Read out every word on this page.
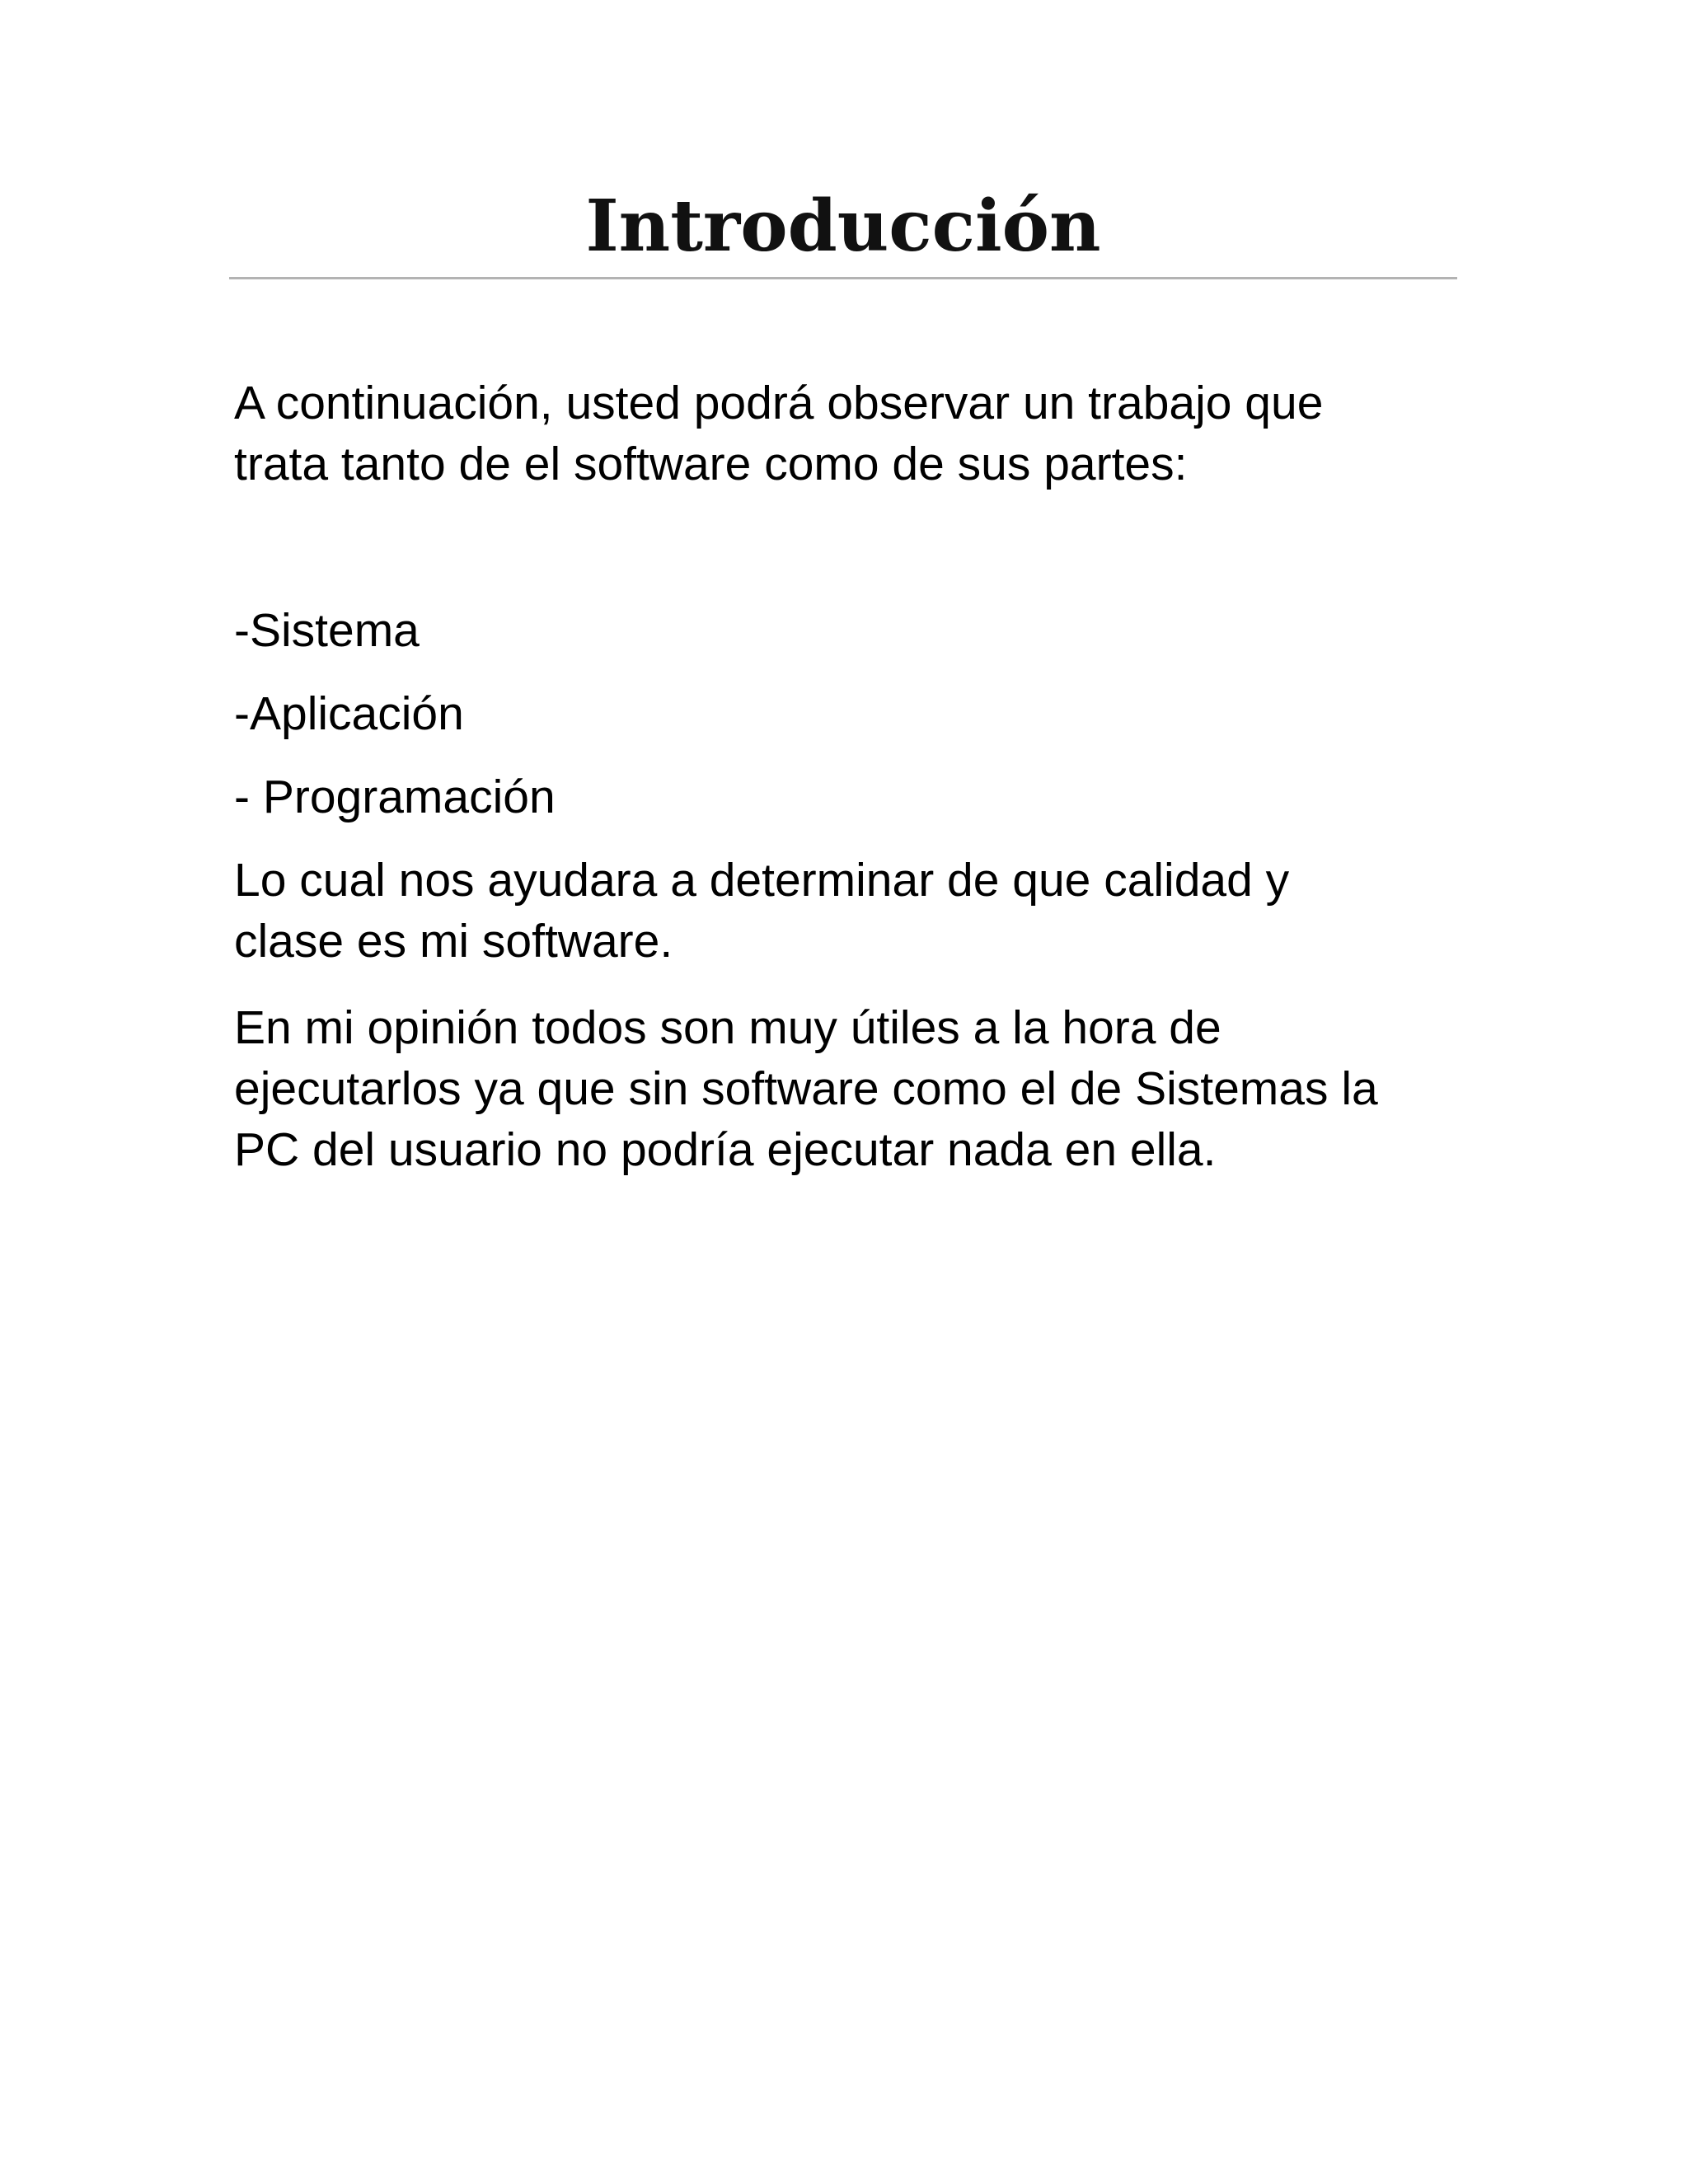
Introducción

A continuación, usted podrá observar un trabajo que

trata tanto de el software como de sus partes:

-Sistema

-Aplicación

- Programación

Lo cual nos ayudara a determinar de que calidad y

clase es mi software.

En mi opinión todos son muy útiles a la hora de

ejecutarlos ya que sin software como el de Sistemas la

PC del usuario no podría ejecutar nada en ella.
